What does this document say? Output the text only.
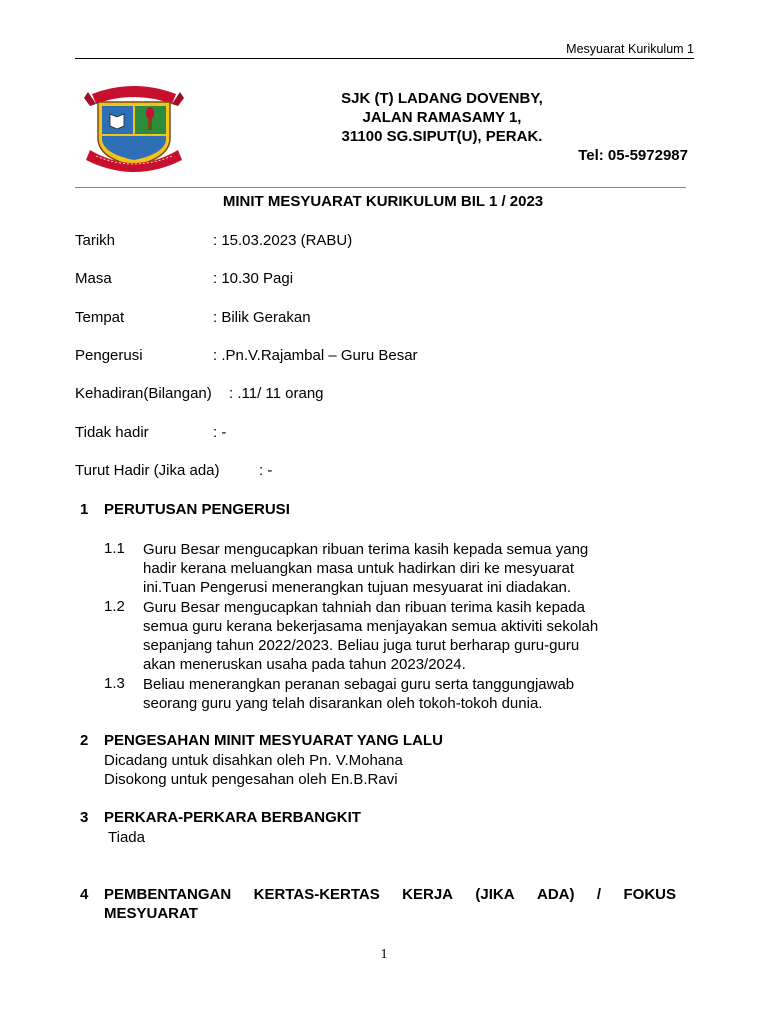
Mesyuarat Kurikulum 1
SJK (T) LADANG DOVENBY,
JALAN RAMASAMY 1,
31100 SG.SIPUT(U), PERAK.
Tel: 05-5972987
MINIT MESYUARAT KURIKULUM BIL 1 / 2023
Tarikh	: 15.03.2023 (RABU)
Masa	: 10.30 Pagi
Tempat	: Bilik Gerakan
Pengerusi	: .Pn.V.Rajambal – Guru Besar
Kehadiran(Bilangan) : .11/ 11 orang
Tidak hadir	: -
Turut Hadir (Jika ada)	: -
1 PERUTUSAN PENGERUSI
1.1 Guru Besar mengucapkan ribuan terima kasih kepada semua yang
hadir kerana meluangkan masa untuk hadirkan diri ke mesyuarat
ini.Tuan Pengerusi menerangkan tujuan mesyuarat ini diadakan.
1.2 Guru Besar mengucapkan tahniah dan ribuan terima kasih kepada
semua guru kerana bekerjasama menjayakan semua aktiviti sekolah
sepanjang tahun 2022/2023. Beliau juga turut berharap guru-guru
akan meneruskan usaha pada tahun 2023/2024.
1.3 Beliau menerangkan peranan sebagai guru serta tanggungjawab
seorang guru yang telah disarankan oleh tokoh-tokoh dunia.
2 PENGESAHAN MINIT MESYUARAT YANG LALU
Dicadang untuk disahkan oleh Pn. V.Mohana
Disokong untuk pengesahan oleh En.B.Ravi
3 PERKARA-PERKARA BERBANGKIT
Tiada
4 PEMBENTANGAN KERTAS-KERTAS KERJA (JIKA ADA) / FOKUS
MESYUARAT
1
